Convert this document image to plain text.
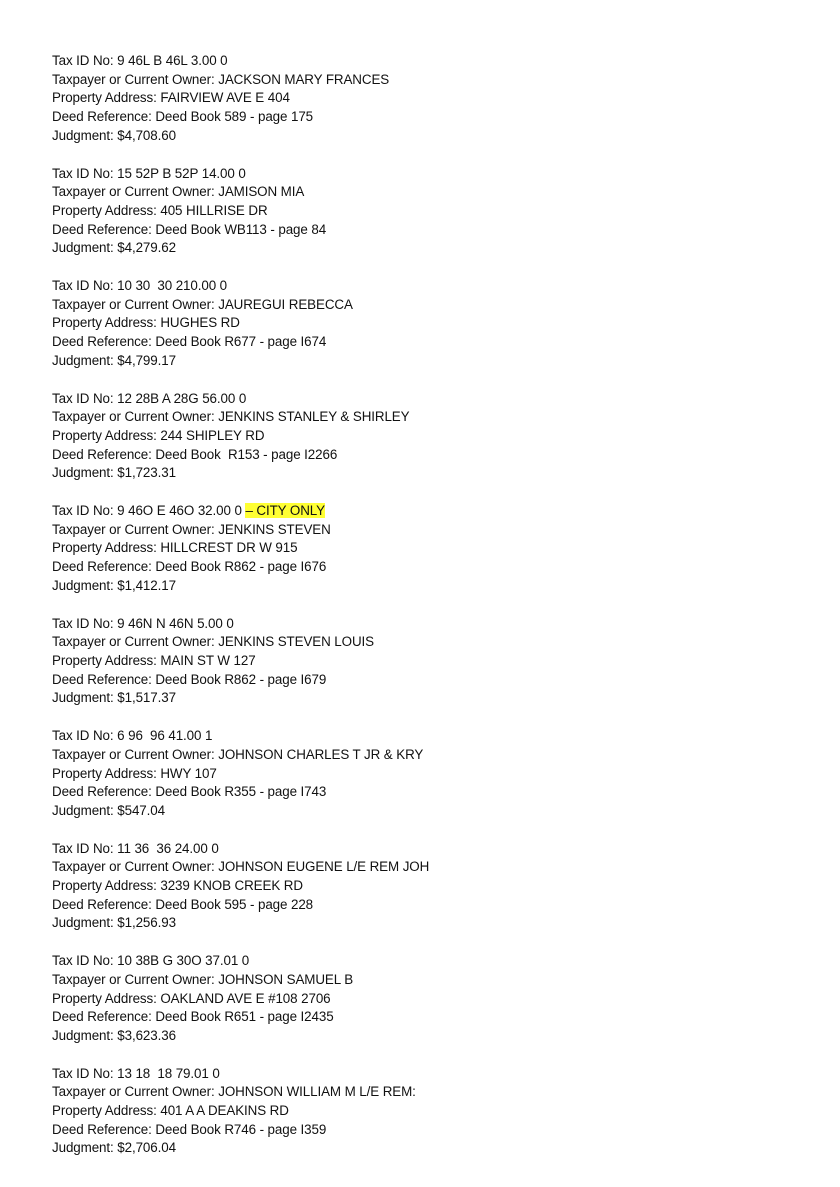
Tax ID No: 9 46L B 46L 3.00 0
Taxpayer or Current Owner: JACKSON MARY FRANCES
Property Address: FAIRVIEW AVE E 404
Deed Reference: Deed Book 589 - page 175
Judgment: $4,708.60
Tax ID No: 15 52P B 52P 14.00 0
Taxpayer or Current Owner: JAMISON MIA
Property Address: 405 HILLRISE DR
Deed Reference: Deed Book WB113 - page 84
Judgment: $4,279.62
Tax ID No: 10 30  30 210.00 0
Taxpayer or Current Owner: JAUREGUI REBECCA
Property Address: HUGHES RD
Deed Reference: Deed Book R677 - page I674
Judgment: $4,799.17
Tax ID No: 12 28B A 28G 56.00 0
Taxpayer or Current Owner: JENKINS STANLEY & SHIRLEY
Property Address: 244 SHIPLEY RD
Deed Reference: Deed Book  R153 - page I2266
Judgment: $1,723.31
Tax ID No: 9 46O E 46O 32.00 0 – CITY ONLY
Taxpayer or Current Owner: JENKINS STEVEN
Property Address: HILLCREST DR W 915
Deed Reference: Deed Book R862 - page I676
Judgment: $1,412.17
Tax ID No: 9 46N N 46N 5.00 0
Taxpayer or Current Owner: JENKINS STEVEN LOUIS
Property Address: MAIN ST W 127
Deed Reference: Deed Book R862 - page I679
Judgment: $1,517.37
Tax ID No: 6 96  96 41.00 1
Taxpayer or Current Owner: JOHNSON CHARLES T JR & KRY
Property Address: HWY 107
Deed Reference: Deed Book R355 - page I743
Judgment: $547.04
Tax ID No: 11 36  36 24.00 0
Taxpayer or Current Owner: JOHNSON EUGENE L/E REM JOH
Property Address: 3239 KNOB CREEK RD
Deed Reference: Deed Book 595 - page 228
Judgment: $1,256.93
Tax ID No: 10 38B G 30O 37.01 0
Taxpayer or Current Owner: JOHNSON SAMUEL B
Property Address: OAKLAND AVE E #108 2706
Deed Reference: Deed Book R651 - page I2435
Judgment: $3,623.36
Tax ID No: 13 18  18 79.01 0
Taxpayer or Current Owner: JOHNSON WILLIAM M L/E REM:
Property Address: 401 A A DEAKINS RD
Deed Reference: Deed Book R746 - page I359
Judgment: $2,706.04
